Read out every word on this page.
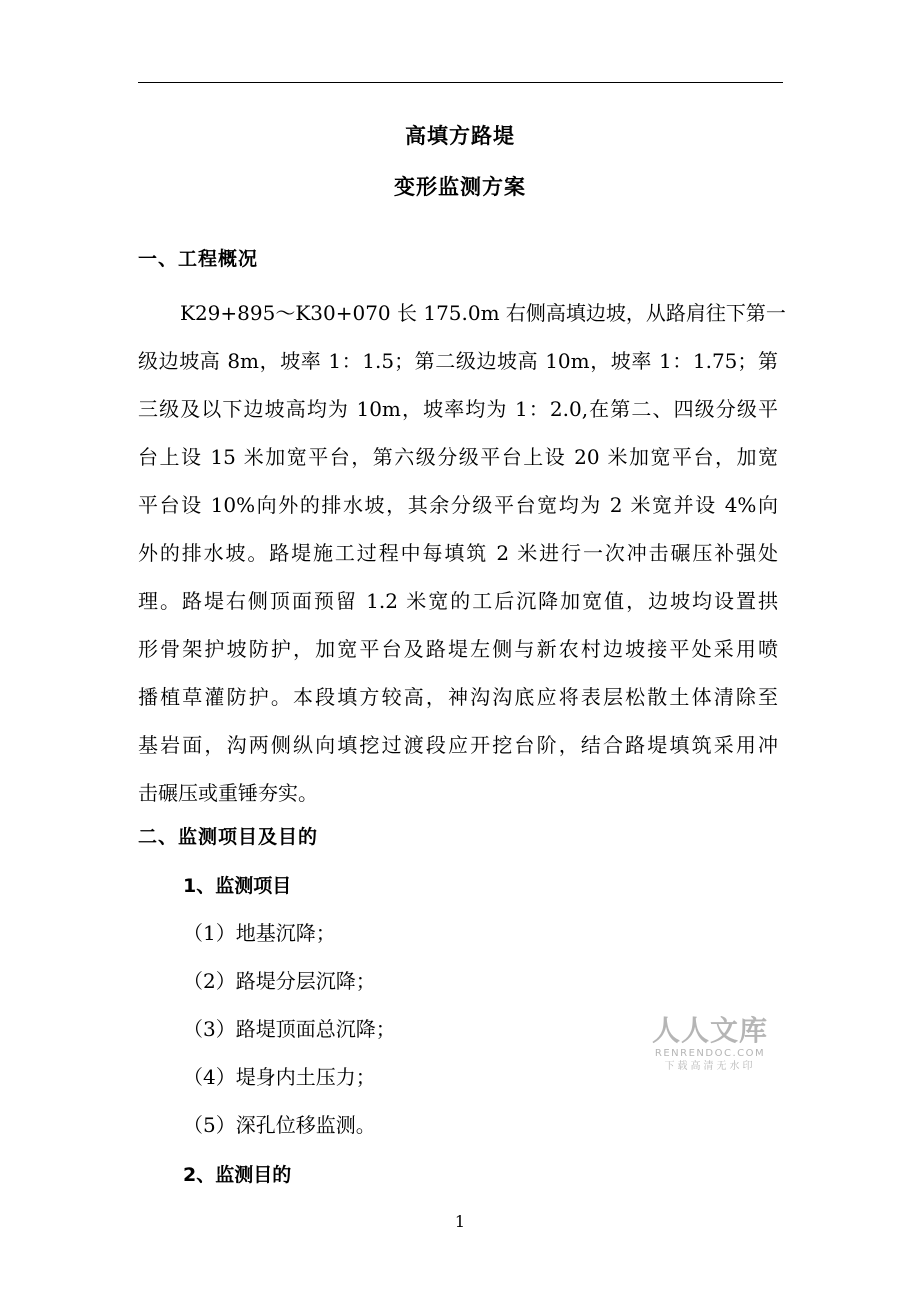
高填方路堤
变形监测方案
一、工程概况
K29+895～K30+070 长 175.0m 右侧高填边坡，从路肩往下第一
级边坡高 8m，坡率 1：1.5；第二级边坡高 10m，坡率 1：1.75；第
三级及以下边坡高均为 10m，坡率均为 1：2.0,在第二、四级分级平
台上设 15 米加宽平台，第六级分级平台上设 20 米加宽平台，加宽
平台设 10%向外的排水坡，其余分级平台宽均为 2 米宽并设 4%向
外的排水坡。路堤施工过程中每填筑 2 米进行一次冲击碾压补强处
理。路堤右侧顶面预留 1.2 米宽的工后沉降加宽值，边坡均设置拱
形骨架护坡防护，加宽平台及路堤左侧与新农村边坡接平处采用喷
播植草灌防护。本段填方较高，神沟沟底应将表层松散土体清除至
基岩面，沟两侧纵向填挖过渡段应开挖台阶，结合路堤填筑采用冲
击碾压或重锤夯实。
二、监测项目及目的
1、监测项目
（1）地基沉降；
（2）路堤分层沉降；
（3）路堤顶面总沉降；
（4）堤身内土压力；
（5）深孔位移监测。
2、监测目的
人人文库
RENRENDOC.COM
下载高清无水印
1
